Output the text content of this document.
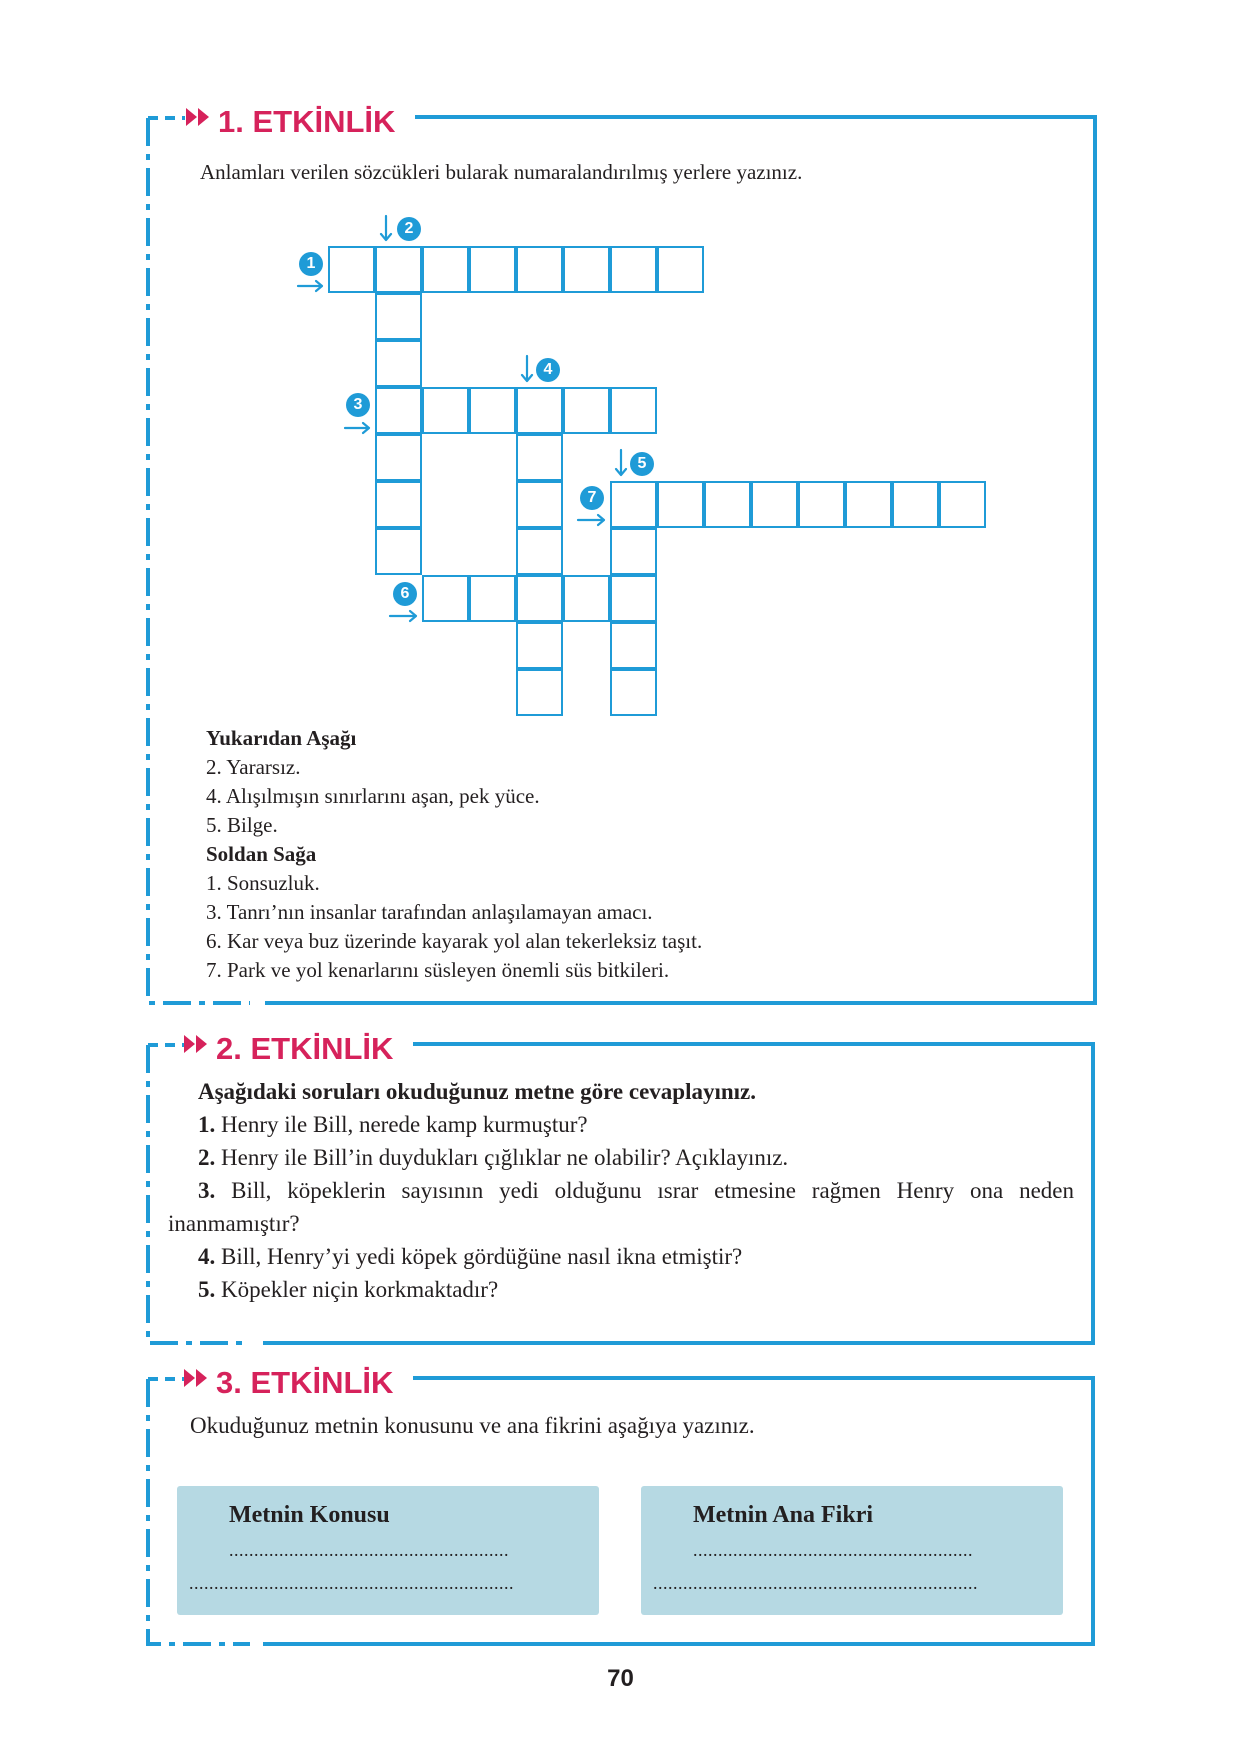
1. ETKİNLİK
Anlamları verilen sözcükleri bularak numaralandırılmış yerlere yazınız.
1
2
3
4
5
6
7
Yukarıdan Aşağı
2. Yararsız.
4. Alışılmışın sınırlarını aşan, pek yüce.
5. Bilge.
Soldan Sağa
1. Sonsuzluk.
3. Tanrı’nın insanlar tarafından anlaşılamayan amacı.
6. Kar veya buz üzerinde kayarak yol alan tekerleksiz taşıt.
7. Park ve yol kenarlarını süsleyen önemli süs bitkileri.
2. ETKİNLİK
Aşağıdaki soruları okuduğunuz metne göre cevaplayınız.
1. Henry ile Bill, nerede kamp kurmuştur?
2. Henry ile Bill’in duydukları çığlıklar ne olabilir? Açıklayınız.
3. Bill, köpeklerin sayısının yedi olduğunu ısrar etmesine rağmen Henry ona neden
inanmamıştır?
4. Bill, Henry’yi yedi köpek gördüğüne nasıl ikna etmiştir?
5. Köpekler niçin korkmaktadır?
3. ETKİNLİK
Okuduğunuz metnin konusunu ve ana fikrini aşağıya yazınız.
Metnin Konusu
........................................................
.................................................................
Metnin Ana Fikri
........................................................
.................................................................
70
